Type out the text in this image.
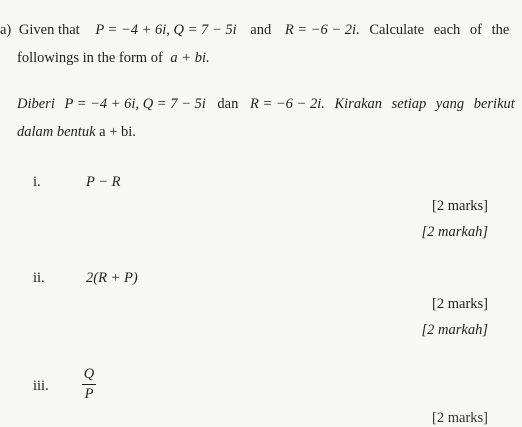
a) Given that P = −4 + 6i, Q = 7 − 5i and R = −6 − 2i. Calculate each of the
followings in the form of a + bi.
Diberi P = −4 + 6i, Q = 7 − 5i dan R = −6 − 2i. Kirakan setiap yang berikut
dalam bentuk a + bi.
i.	P − R
[2 marks]
[2 markah]
ii.	2(R + P)
[2 marks]
[2 markah]
iii.
Q
P
[2 marks]
